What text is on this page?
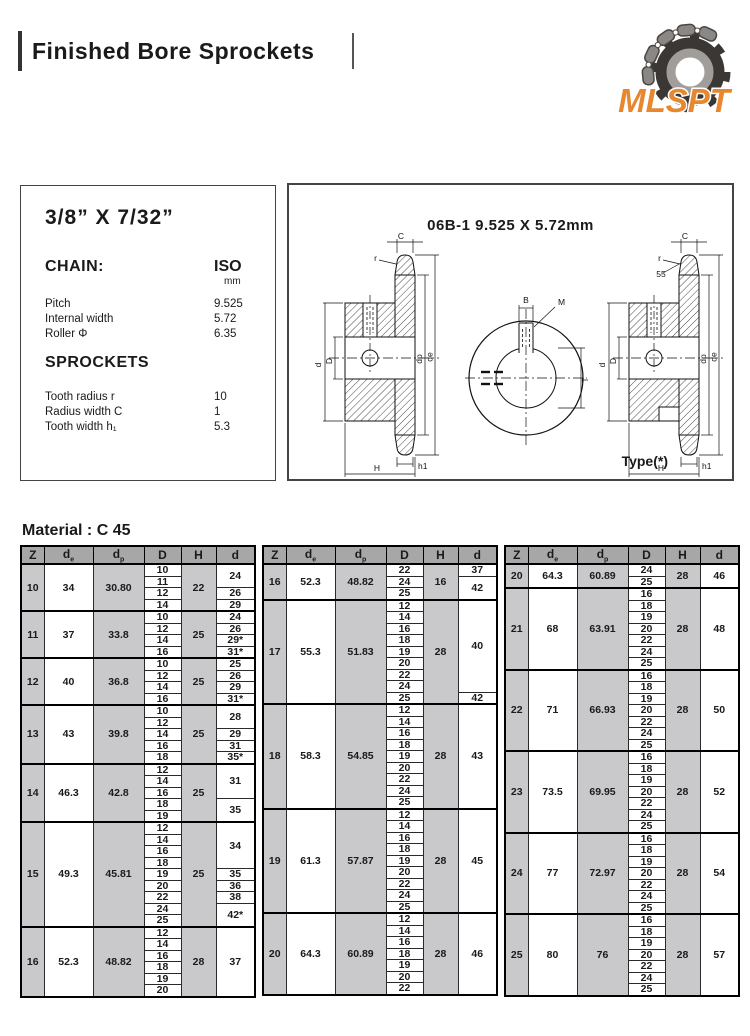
Finished Bore Sprockets
MLSPT
3/8” X 7/32”
CHAIN:	ISO
mm
Pitch	9.525
Internal width	5.72
Roller Φ	6.35
SPROCKETS
Tooth radius r	10
Radius width C	1
Tooth width h₁	5.3
06B-1 9.525 X 5.72mm
C
r
d
D	dp de
h1
H
B	M
T
55
Type(*)
Material : C 45
Z	$d_e$	$d_p$	D	H	d
10	34	30.80	10	22	24
			11		
			12		26
			14		29
11	37	33.8	10	25	24
			12		26
			14		29*
			16		31*
12	40	36.8	10	25	25
			12		26
			14		29
			16		31*
13	43	39.8	10	25	28
			12		
			14		29
			16		31
			18		35*
14	46.3	42.8	12	25	31
			14		
			16		
			18		35
			19		
15	49.3	45.81	12	25	34
			14		
			16		
			18		
			19		35
			20		36
			22		38
			24		42*
			25		
16	52.3	48.82	12	28	37
			14		
			16		
			18		
			19		
			20		
Z	$d_e$	$d_p$	D	H	d
16	52.3	48.82	22	16	37
			24		42
			25		
17	55.3	51.83	12	28	40
			14		
			16		
			18		
			19		
			20		
			22		
			24		
			25		42
18	58.3	54.85	12	28	43
			14		
			16		
			18		
			19		
			20		
			22		
			24		
			25		
19	61.3	57.87	12	28	45
			14		
			16		
			18		
			19		
			20		
			22		
			24		
			25		
20	64.3	60.89	12	28	46
			14		
			16		
			18		
			19		
			20		
			22		
Z	$d_e$	$d_p$	D	H	d
20	64.3	60.89	24	28	46
			25		
21	68	63.91	16	28	48
			18		
			19		
			20		
			22		
			24		
			25		
22	71	66.93	16	28	50
			18		
			19		
			20		
			22		
			24		
			25		
23	73.5	69.95	16	28	52
			18		
			19		
			20		
			22		
			24		
			25		
24	77	72.97	16	28	54
			18		
			19		
			20		
			22		
			24		
			25		
25	80	76	16	28	57
			18		
			19		
			20		
			22		
			24		
			25		
